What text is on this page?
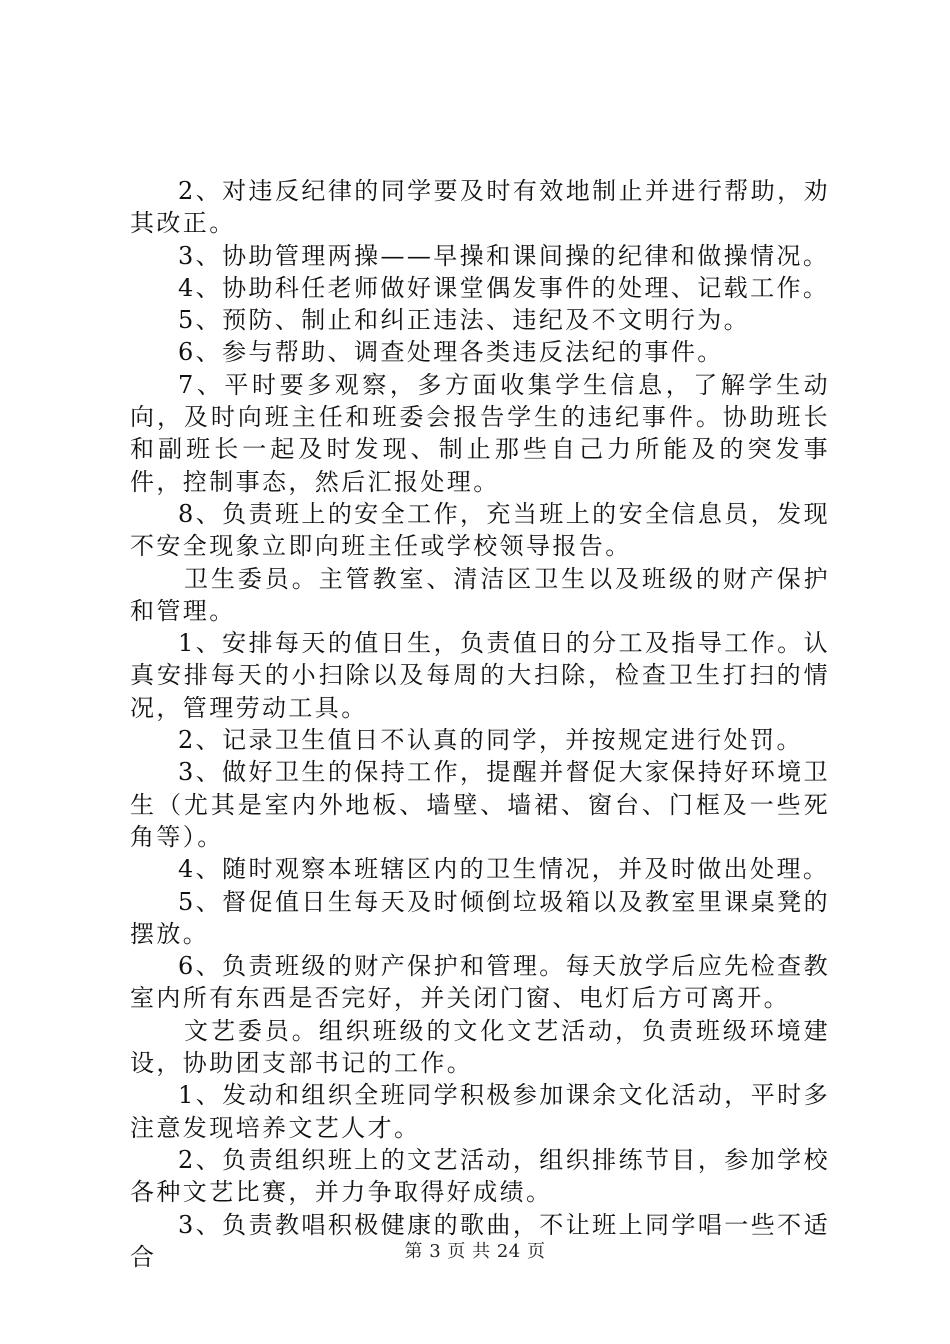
2、对违反纪律的同学要及时有效地制止并进行帮助，劝其改正。

3、协助管理两操——早操和课间操的纪律和做操情况。

4、协助科任老师做好课堂偶发事件的处理、记载工作。

5、预防、制止和纠正违法、违纪及不文明行为。

6、参与帮助、调查处理各类违反法纪的事件。

7、平时要多观察，多方面收集学生信息，了解学生动向，及时向班主任和班委会报告学生的违纪事件。协助班长和副班长一起及时发现、制止那些自己力所能及的突发事件，控制事态，然后汇报处理。

8、负责班上的安全工作，充当班上的安全信息员，发现不安全现象立即向班主任或学校领导报告。

卫生委员。主管教室、清洁区卫生以及班级的财产保护和管理。

1、安排每天的值日生，负责值日的分工及指导工作。认真安排每天的小扫除以及每周的大扫除，检查卫生打扫的情况，管理劳动工具。

2、记录卫生值日不认真的同学，并按规定进行处罚。

3、做好卫生的保持工作，提醒并督促大家保持好环境卫生（尤其是室内外地板、墙壁、墙裙、窗台、门框及一些死角等）。

4、随时观察本班辖区内的卫生情况，并及时做出处理。

5、督促值日生每天及时倾倒垃圾箱以及教室里课桌凳的摆放。

6、负责班级的财产保护和管理。每天放学后应先检查教室内所有东西是否完好，并关闭门窗、电灯后方可离开。

文艺委员。组织班级的文化文艺活动，负责班级环境建设，协助团支部书记的工作。

1、发动和组织全班同学积极参加课余文化活动，平时多注意发现培养文艺人才。

2、负责组织班上的文艺活动，组织排练节目，参加学校各种文艺比赛，并力争取得好成绩。

3、负责教唱积极健康的歌曲，不让班上同学唱一些不适合	第 3 页 共 24 页
